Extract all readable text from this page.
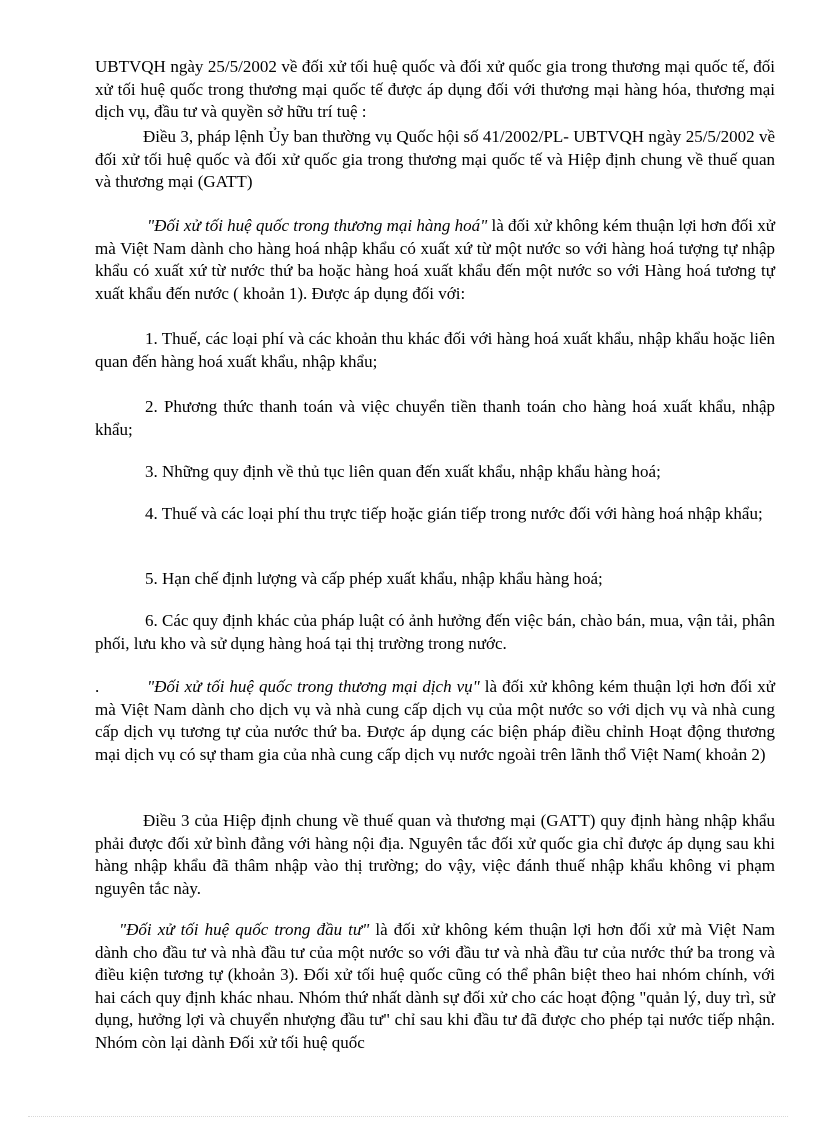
UBTVQH ngày 25/5/2002 về đối xử tối huệ quốc và đối xử quốc gia trong thương mại quốc tế, đối xử tối huệ quốc trong thương mại quốc tế được áp dụng đối với thương mại hàng hóa, thương mại dịch vụ, đầu tư và quyền sở hữu trí tuệ :

Điều 3, pháp lệnh Ủy ban thường vụ Quốc hội số 41/2002/PL- UBTVQH ngày 25/5/2002 về đối xử tối huệ quốc và đối xử quốc gia trong thương mại quốc tế và Hiệp định chung về thuế quan và thương mại (GATT)

"Đối xử tối huệ quốc trong thương mại hàng hoá" là đối xử không kém thuận lợi hơn đối xử mà Việt Nam dành cho hàng hoá nhập khẩu có xuất xứ từ một nước so với hàng hoá tượng tự nhập khẩu có xuất xứ từ nước thứ ba hoặc hàng hoá xuất khẩu đến một nước so với Hàng hoá tương tự xuất khẩu đến nước ( khoản 1). Được áp dụng đối với:

1. Thuế, các loại phí và các khoản thu khác đối với hàng hoá xuất khẩu, nhập khẩu hoặc liên quan đến hàng hoá xuất khẩu, nhập khẩu;

2. Phương thức thanh toán và việc chuyển tiền thanh toán cho hàng hoá xuất khẩu, nhập khẩu;

3. Những quy định về thủ tục liên quan đến xuất khẩu, nhập khẩu hàng hoá;

4. Thuế và các loại phí thu trực tiếp hoặc gián tiếp trong nước đối với hàng hoá nhập khẩu;

5. Hạn chế định lượng và cấp phép xuất khẩu, nhập khẩu hàng hoá;

6. Các quy định khác của pháp luật có ảnh hưởng đến việc bán, chào bán, mua, vận tải, phân phối, lưu kho và sử dụng hàng hoá tại thị trường trong nước.

.	"Đối xử tối huệ quốc trong thương mại dịch vụ" là đối xử không kém thuận lợi hơn đối xử mà Việt Nam dành cho dịch vụ và nhà cung cấp dịch vụ của một nước so với dịch vụ và nhà cung cấp dịch vụ tương tự của nước thứ ba. Được áp dụng các biện pháp điều chỉnh Hoạt động thương mại dịch vụ có sự tham gia của nhà cung cấp dịch vụ nước ngoài trên lãnh thổ Việt Nam( khoản 2)

Điều 3 của Hiệp định chung về thuế quan và thương mại (GATT) quy định hàng nhập khẩu phải được đối xử bình đẳng với hàng nội địa. Nguyên tắc đối xử quốc gia chỉ được áp dụng sau khi hàng nhập khẩu đã thâm nhập vào thị trường; do vậy, việc đánh thuế nhập khẩu không vi phạm nguyên tắc này.

"Đối xử tối huệ quốc trong đầu tư" là đối xử không kém thuận lợi hơn đối xử mà Việt Nam dành cho đầu tư và nhà đầu tư của một nước so với đầu tư và nhà đầu tư của nước thứ ba trong và điều kiện tương tự (khoản 3). Đối xử tối huệ quốc cũng có thể phân biệt theo hai nhóm chính, với hai cách quy định khác nhau. Nhóm thứ nhất dành sự đối xử cho các hoạt động "quản lý, duy trì, sử dụng, hưởng lợi và chuyển nhượng đầu tư" chỉ sau khi đầu tư đã được cho phép tại nước tiếp nhận. Nhóm còn lại dành Đối xử tối huệ quốc
